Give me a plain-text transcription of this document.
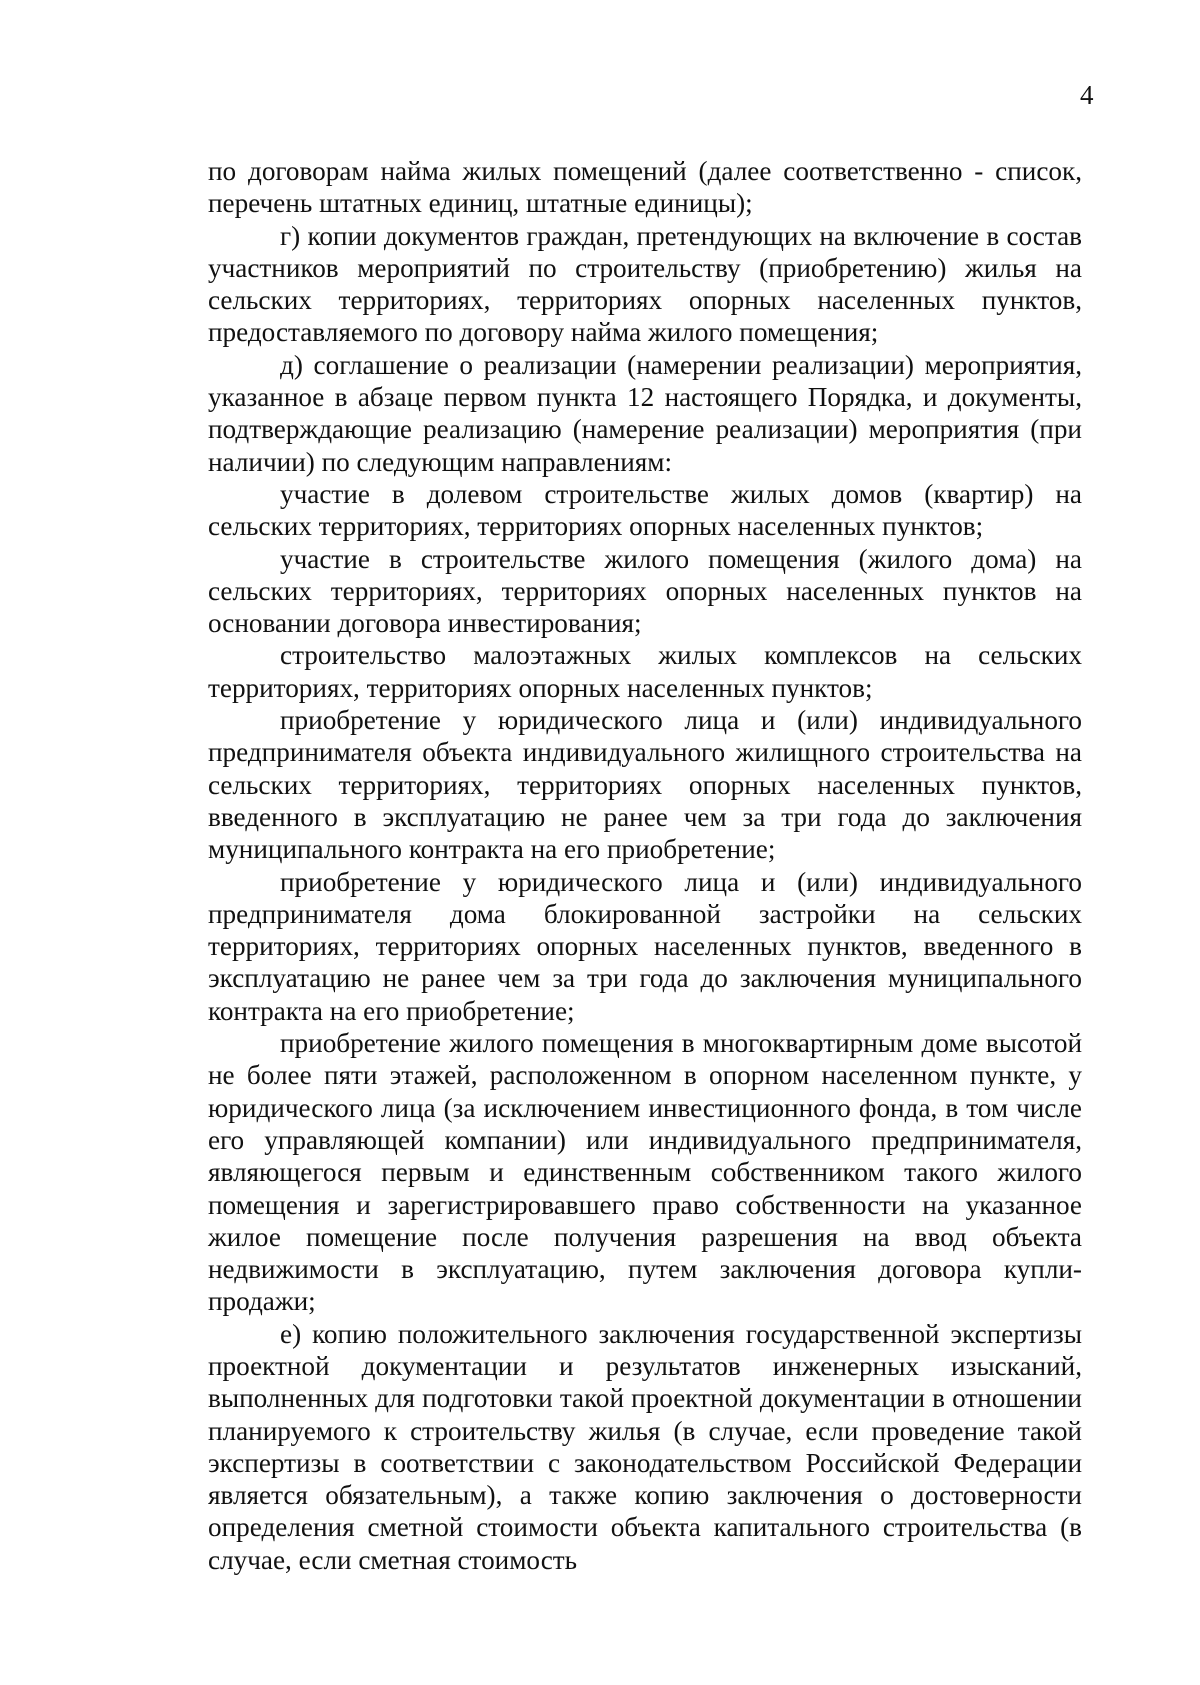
4

по договорам найма жилых помещений (далее соответственно - список, перечень штатных единиц, штатные единицы);

г) копии документов граждан, претендующих на включение в состав участников мероприятий по строительству (приобретению) жилья на сельских территориях, территориях опорных населенных пунктов, предоставляемого по договору найма жилого помещения;

д) соглашение о реализации (намерении реализации) мероприятия, указанное в абзаце первом пункта 12 настоящего Порядка, и документы, подтверждающие реализацию (намерение реализации) мероприятия (при наличии) по следующим направлениям:

участие в долевом строительстве жилых домов (квартир) на сельских территориях, территориях опорных населенных пунктов;

участие в строительстве жилого помещения (жилого дома) на сельских территориях, территориях опорных населенных пунктов на основании договора инвестирования;

строительство малоэтажных жилых комплексов на сельских территориях, территориях опорных населенных пунктов;

приобретение у юридического лица и (или) индивидуального предпринимателя объекта индивидуального жилищного строительства на сельских территориях, территориях опорных населенных пунктов, введенного в эксплуатацию не ранее чем за три года до заключения муниципального контракта на его приобретение;

приобретение у юридического лица и (или) индивидуального предпринимателя дома блокированной застройки на сельских территориях, территориях опорных населенных пунктов, введенного в эксплуатацию не ранее чем за три года до заключения муниципального контракта на его приобретение;

приобретение жилого помещения в многоквартирным доме высотой не более пяти этажей, расположенном в опорном населенном пункте, у юридического лица (за исключением инвестиционного фонда, в том числе его управляющей компании) или индивидуального предпринимателя, являющегося первым и единственным собственником такого жилого помещения и зарегистрировавшего право собственности на указанное жилое помещение после получения разрешения на ввод объекта недвижимости в эксплуатацию, путем заключения договора купли-продажи;

е) копию положительного заключения государственной экспертизы проектной документации и результатов инженерных изысканий, выполненных для подготовки такой проектной документации в отношении планируемого к строительству жилья (в случае, если проведение такой экспертизы в соответствии с законодательством Российской Федерации является обязательным), а также копию заключения о достоверности определения сметной стоимости объекта капитального строительства (в случае, если сметная стоимость
